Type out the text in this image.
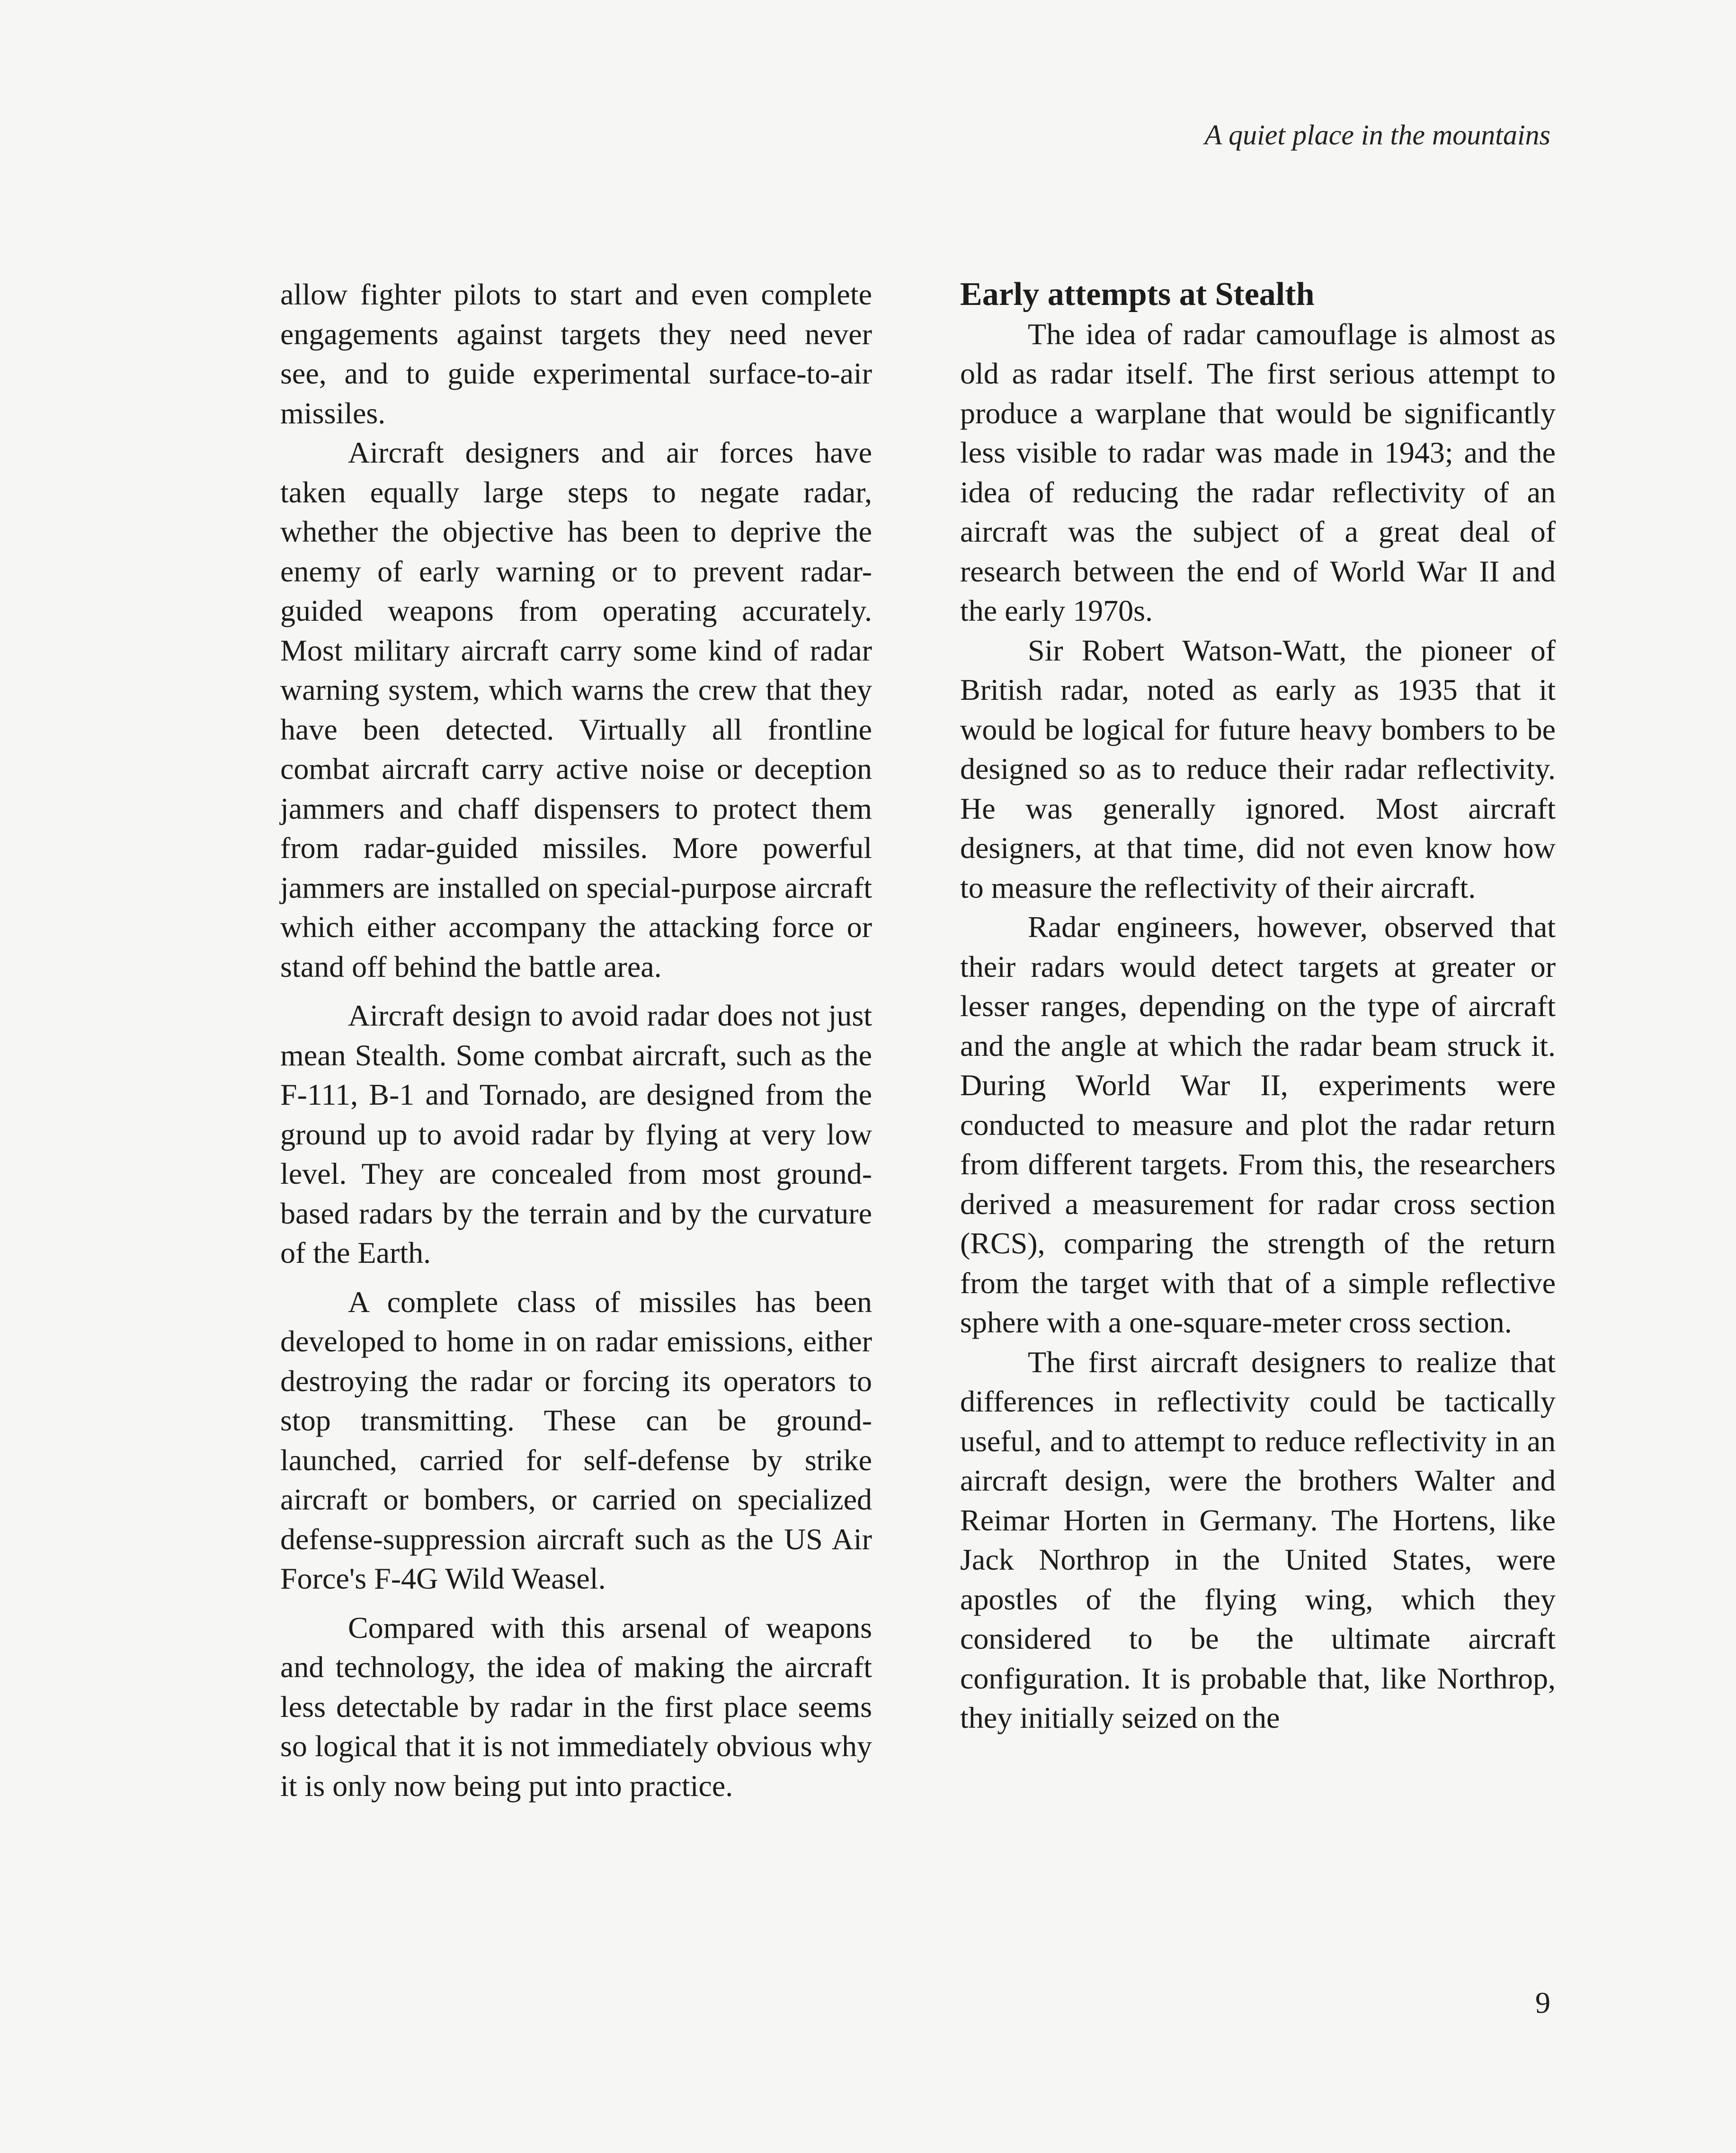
A quiet place in the mountains

allow fighter pilots to start and even complete engagements against targets they need never see, and to guide experimental surface-to-air missiles.

Aircraft designers and air forces have taken equally large steps to negate radar, whether the objective has been to deprive the enemy of early warning or to prevent radar-guided weapons from operating accurately. Most military aircraft carry some kind of radar warning system, which warns the crew that they have been detected. Virtually all frontline combat aircraft carry active noise or deception jammers and chaff dispensers to protect them from radar-guided missiles. More powerful jammers are installed on special-purpose aircraft which either accompany the attacking force or stand off behind the battle area.

Aircraft design to avoid radar does not just mean Stealth. Some combat aircraft, such as the F-111, B-1 and Tornado, are designed from the ground up to avoid radar by flying at very low level. They are concealed from most ground-based radars by the terrain and by the curvature of the Earth.

A complete class of missiles has been developed to home in on radar emissions, either destroying the radar or forcing its operators to stop transmitting. These can be ground-launched, carried for self-defense by strike aircraft or bombers, or carried on specialized defense-suppression aircraft such as the US Air Force's F-4G Wild Weasel.

Compared with this arsenal of weapons and technology, the idea of making the aircraft less detectable by radar in the first place seems so logical that it is not immediately obvious why it is only now being put into practice.

Early attempts at Stealth

The idea of radar camouflage is almost as old as radar itself. The first serious attempt to produce a warplane that would be significantly less visible to radar was made in 1943; and the idea of reducing the radar reflectivity of an aircraft was the subject of a great deal of research between the end of World War II and the early 1970s.

Sir Robert Watson-Watt, the pioneer of British radar, noted as early as 1935 that it would be logical for future heavy bombers to be designed so as to reduce their radar reflectivity. He was generally ignored. Most aircraft designers, at that time, did not even know how to measure the reflectivity of their aircraft.

Radar engineers, however, observed that their radars would detect targets at greater or lesser ranges, depending on the type of aircraft and the angle at which the radar beam struck it. During World War II, experiments were conducted to measure and plot the radar return from different targets. From this, the researchers derived a measurement for radar cross section (RCS), comparing the strength of the return from the target with that of a simple reflective sphere with a one-square-meter cross section.

The first aircraft designers to realize that differences in reflectivity could be tactically useful, and to attempt to reduce reflectivity in an aircraft design, were the brothers Walter and Reimar Horten in Germany. The Hortens, like Jack Northrop in the United States, were apostles of the flying wing, which they considered to be the ultimate aircraft configuration. It is probable that, like Northrop, they initially seized on the

9
